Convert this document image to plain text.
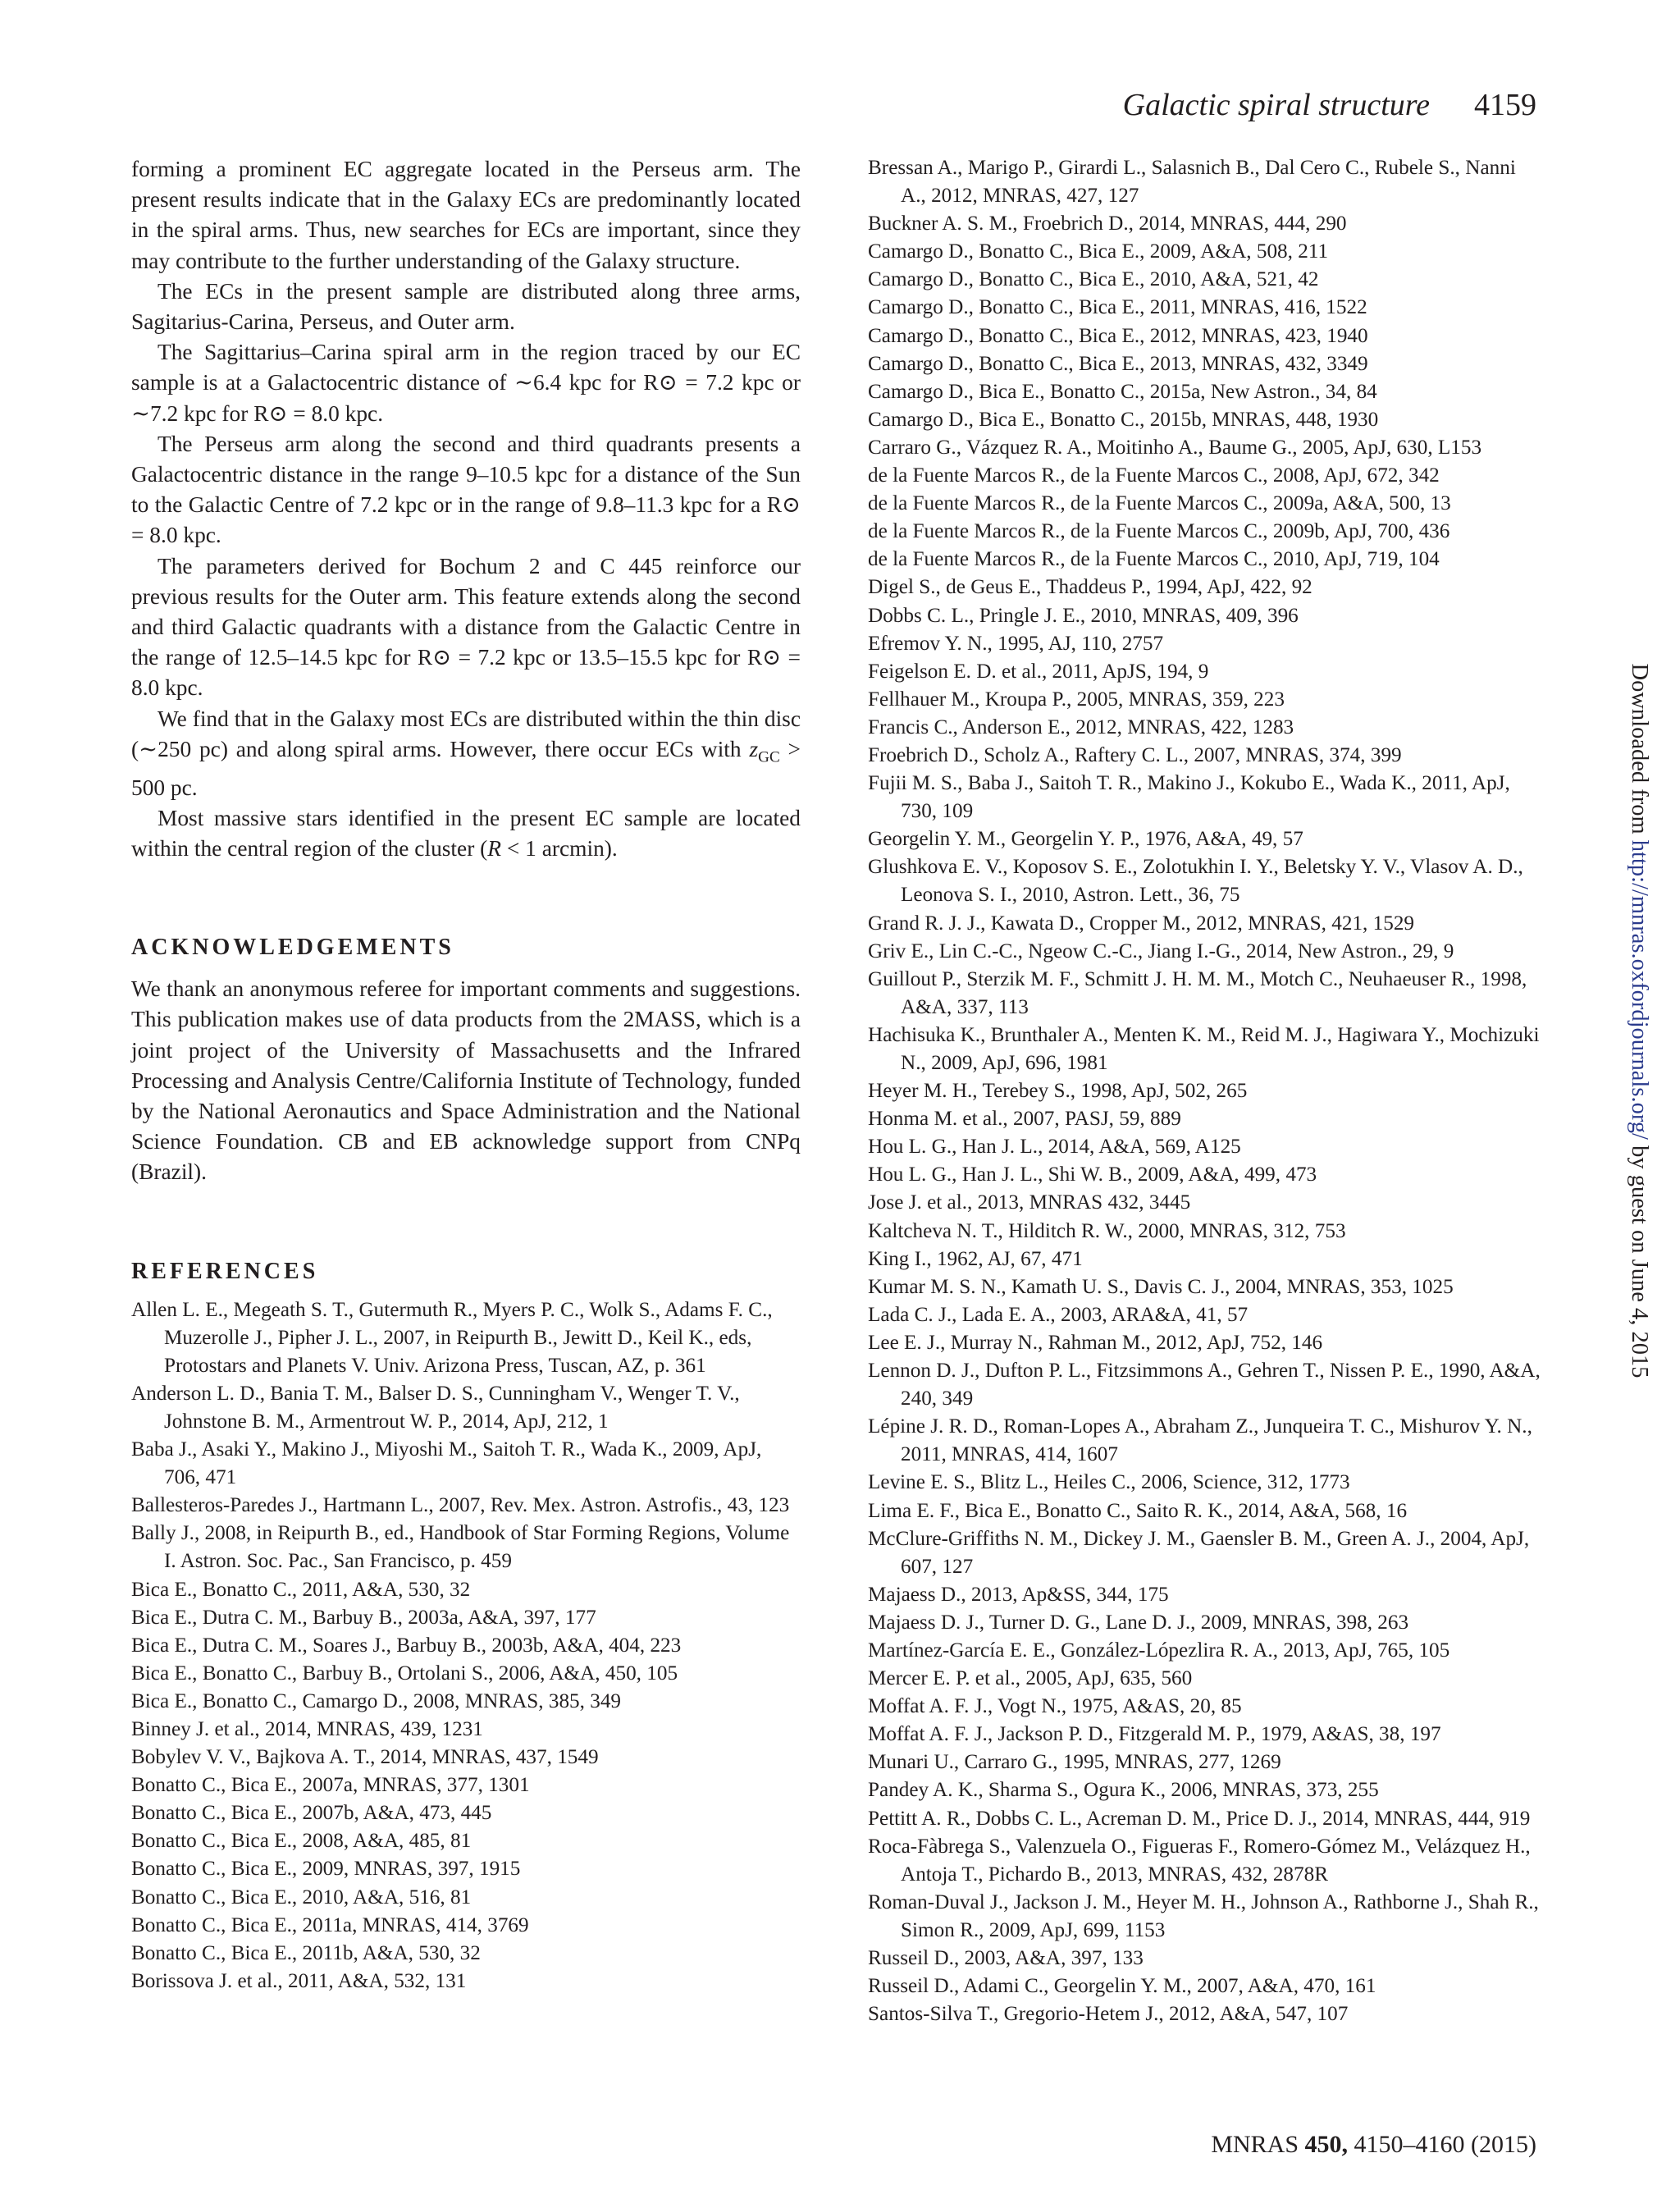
Galactic spiral structure 4159

forming a prominent EC aggregate located in the Perseus arm. The present results indicate that in the Galaxy ECs are predominantly located in the spiral arms. Thus, new searches for ECs are important, since they may contribute to the further understanding of the Galaxy structure.

The ECs in the present sample are distributed along three arms, Sagitarius-Carina, Perseus, and Outer arm.

The Sagittarius–Carina spiral arm in the region traced by our EC sample is at a Galactocentric distance of ∼6.4 kpc for R⊙ = 7.2 kpc or ∼7.2 kpc for R⊙ = 8.0 kpc.

The Perseus arm along the second and third quadrants presents a Galactocentric distance in the range 9–10.5 kpc for a distance of the Sun to the Galactic Centre of 7.2 kpc or in the range of 9.8–11.3 kpc for a R⊙ = 8.0 kpc.

The parameters derived for Bochum 2 and C 445 reinforce our previous results for the Outer arm. This feature extends along the second and third Galactic quadrants with a distance from the Galactic Centre in the range of 12.5–14.5 kpc for R⊙ = 7.2 kpc or 13.5–15.5 kpc for R⊙ = 8.0 kpc.

We find that in the Galaxy most ECs are distributed within the thin disc (∼250 pc) and along spiral arms. However, there occur ECs with $z_{GC} > 500$ pc.

Most massive stars identified in the present EC sample are located within the central region of the cluster (R < 1 arcmin).

ACKNOWLEDGEMENTS

We thank an anonymous referee for important comments and suggestions. This publication makes use of data products from the 2MASS, which is a joint project of the University of Massachusetts and the Infrared Processing and Analysis Centre/California Institute of Technology, funded by the National Aeronautics and Space Administration and the National Science Foundation. CB and EB acknowledge support from CNPq (Brazil).

REFERENCES

Allen L. E., Megeath S. T., Gutermuth R., Myers P. C., Wolk S., Adams F. C., Muzerolle J., Pipher J. L., 2007, in Reipurth B., Jewitt D., Keil K., eds, Protostars and Planets V. Univ. Arizona Press, Tuscan, AZ, p. 361

Anderson L. D., Bania T. M., Balser D. S., Cunningham V., Wenger T. V., Johnstone B. M., Armentrout W. P., 2014, ApJ, 212, 1

Baba J., Asaki Y., Makino J., Miyoshi M., Saitoh T. R., Wada K., 2009, ApJ, 706, 471

Ballesteros-Paredes J., Hartmann L., 2007, Rev. Mex. Astron. Astrofis., 43, 123

Bally J., 2008, in Reipurth B., ed., Handbook of Star Forming Regions, Volume I. Astron. Soc. Pac., San Francisco, p. 459

Bica E., Bonatto C., 2011, A&A, 530, 32

Bica E., Dutra C. M., Barbuy B., 2003a, A&A, 397, 177

Bica E., Dutra C. M., Soares J., Barbuy B., 2003b, A&A, 404, 223

Bica E., Bonatto C., Barbuy B., Ortolani S., 2006, A&A, 450, 105

Bica E., Bonatto C., Camargo D., 2008, MNRAS, 385, 349

Binney J. et al., 2014, MNRAS, 439, 1231

Bobylev V. V., Bajkova A. T., 2014, MNRAS, 437, 1549

Bonatto C., Bica E., 2007a, MNRAS, 377, 1301

Bonatto C., Bica E., 2007b, A&A, 473, 445

Bonatto C., Bica E., 2008, A&A, 485, 81

Bonatto C., Bica E., 2009, MNRAS, 397, 1915

Bonatto C., Bica E., 2010, A&A, 516, 81

Bonatto C., Bica E., 2011a, MNRAS, 414, 3769

Bonatto C., Bica E., 2011b, A&A, 530, 32

Borissova J. et al., 2011, A&A, 532, 131

Bressan A., Marigo P., Girardi L., Salasnich B., Dal Cero C., Rubele S., Nanni A., 2012, MNRAS, 427, 127

Buckner A. S. M., Froebrich D., 2014, MNRAS, 444, 290

Camargo D., Bonatto C., Bica E., 2009, A&A, 508, 211

Camargo D., Bonatto C., Bica E., 2010, A&A, 521, 42

Camargo D., Bonatto C., Bica E., 2011, MNRAS, 416, 1522

Camargo D., Bonatto C., Bica E., 2012, MNRAS, 423, 1940

Camargo D., Bonatto C., Bica E., 2013, MNRAS, 432, 3349

Camargo D., Bica E., Bonatto C., 2015a, New Astron., 34, 84

Camargo D., Bica E., Bonatto C., 2015b, MNRAS, 448, 1930

Carraro G., Vázquez R. A., Moitinho A., Baume G., 2005, ApJ, 630, L153

de la Fuente Marcos R., de la Fuente Marcos C., 2008, ApJ, 672, 342

de la Fuente Marcos R., de la Fuente Marcos C., 2009a, A&A, 500, 13

de la Fuente Marcos R., de la Fuente Marcos C., 2009b, ApJ, 700, 436

de la Fuente Marcos R., de la Fuente Marcos C., 2010, ApJ, 719, 104

Digel S., de Geus E., Thaddeus P., 1994, ApJ, 422, 92

Dobbs C. L., Pringle J. E., 2010, MNRAS, 409, 396

Efremov Y. N., 1995, AJ, 110, 2757

Feigelson E. D. et al., 2011, ApJS, 194, 9

Fellhauer M., Kroupa P., 2005, MNRAS, 359, 223

Francis C., Anderson E., 2012, MNRAS, 422, 1283

Froebrich D., Scholz A., Raftery C. L., 2007, MNRAS, 374, 399

Fujii M. S., Baba J., Saitoh T. R., Makino J., Kokubo E., Wada K., 2011, ApJ, 730, 109

Georgelin Y. M., Georgelin Y. P., 1976, A&A, 49, 57

Glushkova E. V., Koposov S. E., Zolotukhin I. Y., Beletsky Y. V., Vlasov A. D., Leonova S. I., 2010, Astron. Lett., 36, 75

Grand R. J. J., Kawata D., Cropper M., 2012, MNRAS, 421, 1529

Griv E., Lin C.-C., Ngeow C.-C., Jiang I.-G., 2014, New Astron., 29, 9

Guillout P., Sterzik M. F., Schmitt J. H. M. M., Motch C., Neuhaeuser R., 1998, A&A, 337, 113

Hachisuka K., Brunthaler A., Menten K. M., Reid M. J., Hagiwara Y., Mochizuki N., 2009, ApJ, 696, 1981

Heyer M. H., Terebey S., 1998, ApJ, 502, 265

Honma M. et al., 2007, PASJ, 59, 889

Hou L. G., Han J. L., 2014, A&A, 569, A125

Hou L. G., Han J. L., Shi W. B., 2009, A&A, 499, 473

Jose J. et al., 2013, MNRAS 432, 3445

Kaltcheva N. T., Hilditch R. W., 2000, MNRAS, 312, 753

King I., 1962, AJ, 67, 471

Kumar M. S. N., Kamath U. S., Davis C. J., 2004, MNRAS, 353, 1025

Lada C. J., Lada E. A., 2003, ARA&A, 41, 57

Lee E. J., Murray N., Rahman M., 2012, ApJ, 752, 146

Lennon D. J., Dufton P. L., Fitzsimmons A., Gehren T., Nissen P. E., 1990, A&A, 240, 349

Lépine J. R. D., Roman-Lopes A., Abraham Z., Junqueira T. C., Mishurov Y. N., 2011, MNRAS, 414, 1607

Levine E. S., Blitz L., Heiles C., 2006, Science, 312, 1773

Lima E. F., Bica E., Bonatto C., Saito R. K., 2014, A&A, 568, 16

McClure-Griffiths N. M., Dickey J. M., Gaensler B. M., Green A. J., 2004, ApJ, 607, 127

Majaess D., 2013, Ap&SS, 344, 175

Majaess D. J., Turner D. G., Lane D. J., 2009, MNRAS, 398, 263

Martínez-García E. E., González-Lópezlira R. A., 2013, ApJ, 765, 105

Mercer E. P. et al., 2005, ApJ, 635, 560

Moffat A. F. J., Vogt N., 1975, A&AS, 20, 85

Moffat A. F. J., Jackson P. D., Fitzgerald M. P., 1979, A&AS, 38, 197

Munari U., Carraro G., 1995, MNRAS, 277, 1269

Pandey A. K., Sharma S., Ogura K., 2006, MNRAS, 373, 255

Pettitt A. R., Dobbs C. L., Acreman D. M., Price D. J., 2014, MNRAS, 444, 919

Roca-Fàbrega S., Valenzuela O., Figueras F., Romero-Gómez M., Velázquez H., Antoja T., Pichardo B., 2013, MNRAS, 432, 2878R

Roman-Duval J., Jackson J. M., Heyer M. H., Johnson A., Rathborne J., Shah R., Simon R., 2009, ApJ, 699, 1153

Russeil D., 2003, A&A, 397, 133

Russeil D., Adami C., Georgelin Y. M., 2007, A&A, 470, 161

Santos-Silva T., Gregorio-Hetem J., 2012, A&A, 547, 107

MNRAS 450, 4150–4160 (2015)
Downloaded from http://mnras.oxfordjournals.org/ by guest on June 4, 2015
